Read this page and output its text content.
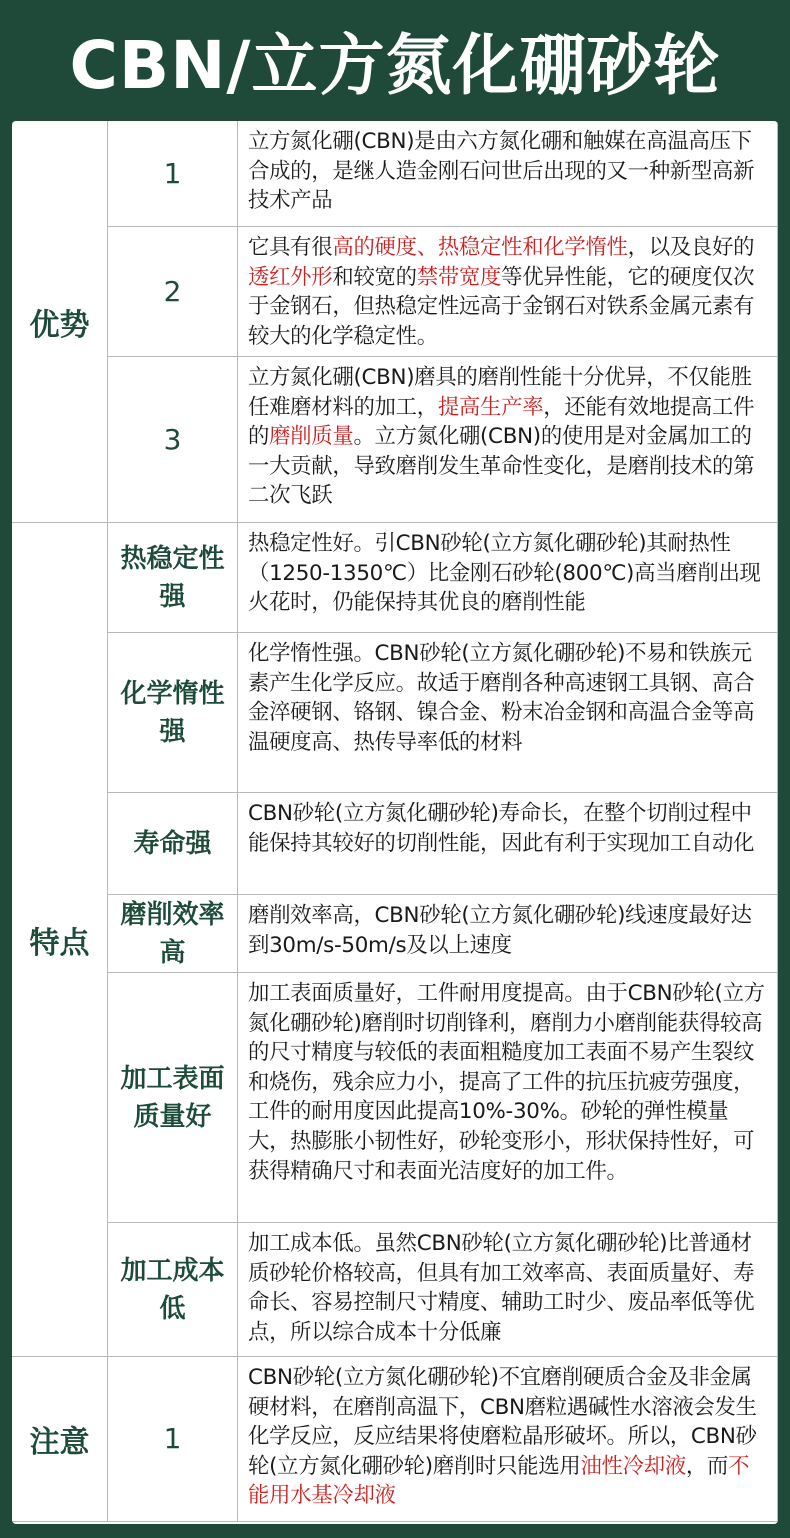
CBN/立方氮化硼砂轮
优势
1
立方氮化硼(CBN)是由六方氮化硼和触媒在高温高压下合成的，是继人造金刚石问世后出现的又一种新型高新技术产品
2
它具有很高的硬度、热稳定性和化学惰性，以及良好的透红外形和较宽的禁带宽度等优异性能，它的硬度仅次于金钢石，但热稳定性远高于金钢石对铁系金属元素有较大的化学稳定性。
3
立方氮化硼(CBN)磨具的磨削性能十分优异，不仅能胜任难磨材料的加工，提高生产率，还能有效地提高工件的磨削质量。立方氮化硼(CBN)的使用是对金属加工的一大贡献，导致磨削发生革命性变化，是磨削技术的第二次飞跃
特点
热稳定性
强
热稳定性好。引CBN砂轮(立方氮化硼砂轮)其耐热性（1250-1350℃）比金刚石砂轮(800℃)高当磨削出现火花时，仍能保持其优良的磨削性能
化学惰性
强
化学惰性强。CBN砂轮(立方氮化硼砂轮)不易和铁族元素产生化学反应。故适于磨削各种高速钢工具钢、高合金淬硬钢、铬钢、镍合金、粉末冶金钢和高温合金等高温硬度高、热传导率低的材料
寿命强
CBN砂轮(立方氮化硼砂轮)寿命长，在整个切削过程中能保持其较好的切削性能，因此有利于实现加工自动化
磨削效率
高
磨削效率高，CBN砂轮(立方氮化硼砂轮)线速度最好达到30m/s-50m/s及以上速度
加工表面
质量好
加工表面质量好，工件耐用度提高。由于CBN砂轮(立方氮化硼砂轮)磨削时切削锋利，磨削力小磨削能获得较高的尺寸精度与较低的表面粗糙度加工表面不易产生裂纹和烧伤，残余应力小，提高了工件的抗压抗疲劳强度，工件的耐用度因此提高10%-30%。砂轮的弹性模量大，热膨胀小韧性好，砂轮变形小，形状保持性好，可获得精确尺寸和表面光洁度好的加工件。
加工成本
低
加工成本低。虽然CBN砂轮(立方氮化硼砂轮)比普通材质砂轮价格较高，但具有加工效率高、表面质量好、寿命长、容易控制尺寸精度、辅助工时少、废品率低等优点，所以综合成本十分低廉
注意	1
CBN砂轮(立方氮化硼砂轮)不宜磨削硬质合金及非金属硬材料，在磨削高温下，CBN磨粒遇碱性水溶液会发生化学反应，反应结果将使磨粒晶形破坏。所以，CBN砂轮(立方氮化硼砂轮)磨削时只能选用油性冷却液，而不能用水基冷却液
